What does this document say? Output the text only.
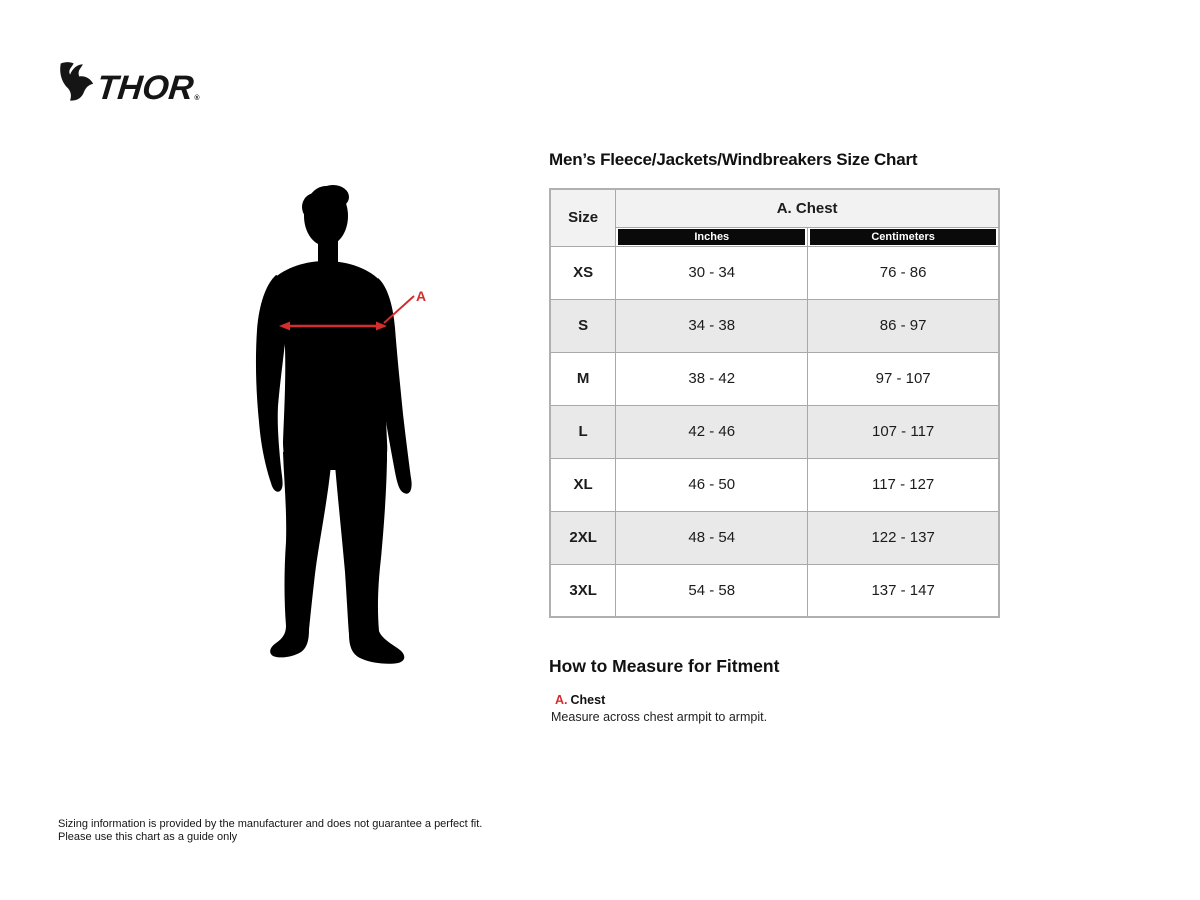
THOR
®
A
Men’s Fleece/Jackets/Windbreakers Size Chart
Size	A. Chest	

	Inches	Centimeters

XS	30 - 34	76 - 86
S	34 - 38	86 - 97
M	38 - 42	97 - 107
L	42 - 46	107 - 117
XL	46 - 50	117 - 127
2XL	48 - 54	122 - 137
3XL	54 - 58	137 - 147
How to Measure for Fitment
A. Chest
Measure across chest armpit to armpit.
Sizing information is provided by the manufacturer and does not guarantee a perfect fit.
Please use this chart as a guide only
